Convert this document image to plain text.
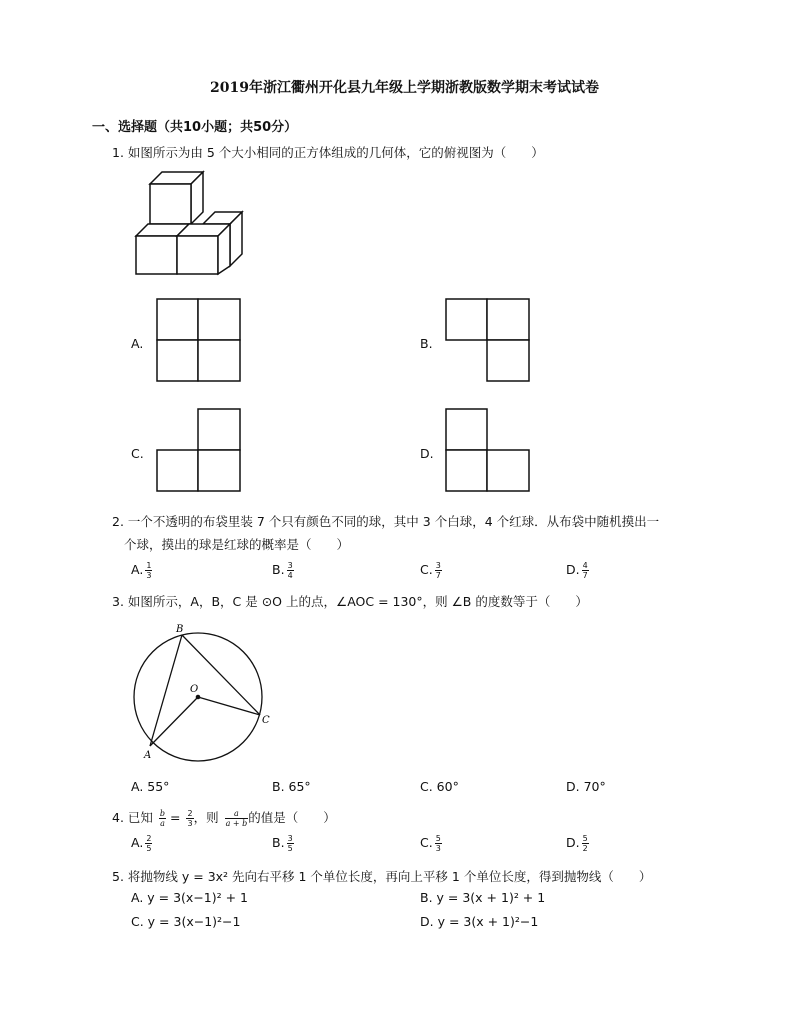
2019年浙江衢州开化县九年级上学期浙教版数学期末考试试卷
一、选择题（共10小题；共50分）
1. 如图所示为由 5 个大小相同的正方体组成的几何体，它的俯视图为（　　）
A.	B.
C.	D.
2. 一个不透明的布袋里装 7 个只有颜色不同的球，其中 3 个白球，4 个红球．从布袋中随机摸出一
个球，摸出的球是红球的概率是（　　）
A. $\frac{1}{3}$	B. $\frac{3}{4}$	C. $\frac{3}{7}$	D. $\frac{4}{7}$
3. 如图所示，A，B，C 是 ⊙O 上的点，∠AOC = 130°，则 ∠B 的度数等于（　　）
B
O
C
A
A. 55°	B. 65°	C. 60°	D. 70°
4. 已知 $\frac{b}{a} = \frac{2}{3}$ ，则 $\frac{a}{a + b}$ 的值是（　　）
A. $\frac{2}{5}$	B. $\frac{3}{5}$	C. $\frac{5}{3}$	D. $\frac{5}{2}$
5. 将抛物线 y = 3x² 先向右平移 1 个单位长度，再向上平移 1 个单位长度，得到抛物线（　　）
A. y = 3(x−1)² + 1	B. y = 3(x + 1)² + 1
C. y = 3(x−1)²−1	D. y = 3(x + 1)²−1
